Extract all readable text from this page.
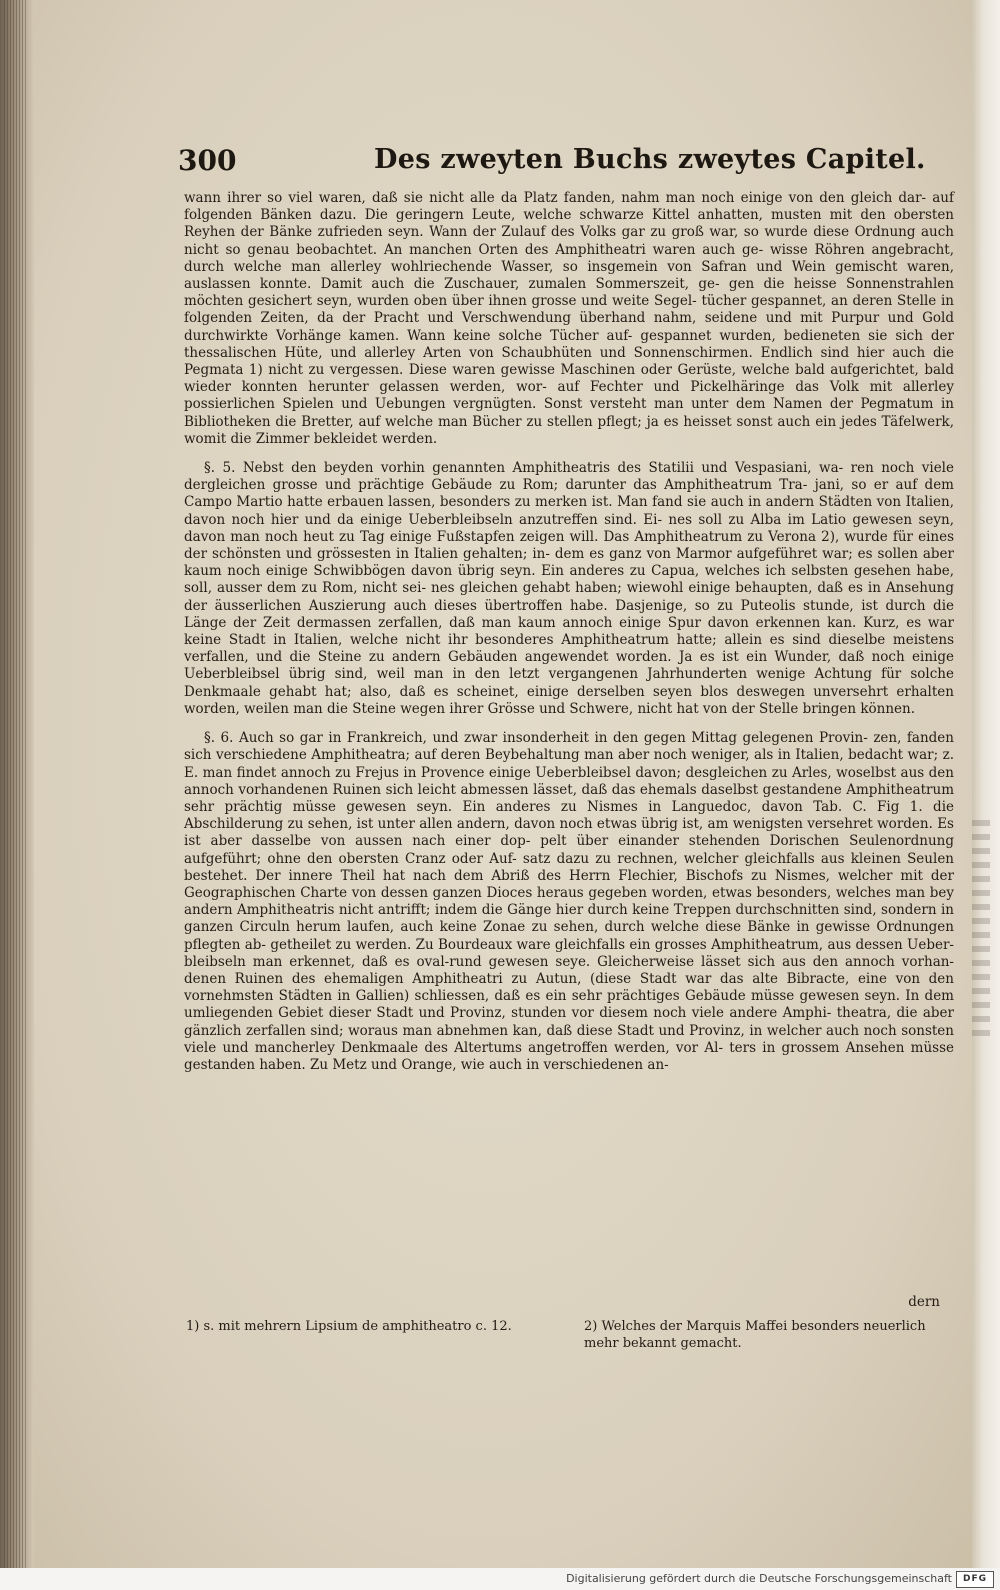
300	Des zweyten Buchs zweytes Capitel.

wann ihrer so viel waren, daß sie nicht alle da Platz fanden, nahm man noch einige von den gleich dar- auf folgenden Bänken dazu. Die geringern Leute, welche schwarze Kittel anhatten, musten mit den obersten Reyhen der Bänke zufrieden seyn. Wann der Zulauf des Volks gar zu groß war, so wurde diese Ordnung auch nicht so genau beobachtet. An manchen Orten des Amphitheatri waren auch ge- wisse Röhren angebracht, durch welche man allerley wohlriechende Wasser, so insgemein von Safran und Wein gemischt waren, auslassen konnte. Damit auch die Zuschauer, zumalen Sommerszeit, ge- gen die heisse Sonnenstrahlen möchten gesichert seyn, wurden oben über ihnen grosse und weite Segel- tücher gespannet, an deren Stelle in folgenden Zeiten, da der Pracht und Verschwendung überhand nahm, seidene und mit Purpur und Gold durchwirkte Vorhänge kamen. Wann keine solche Tücher auf- gespannet wurden, bedieneten sie sich der thessalischen Hüte, und allerley Arten von Schaubhüten und Sonnenschirmen. Endlich sind hier auch die Pegmata 1) nicht zu vergessen. Diese waren gewisse Maschinen oder Gerüste, welche bald aufgerichtet, bald wieder konnten herunter gelassen werden, wor- auf Fechter und Pickelhäringe das Volk mit allerley possierlichen Spielen und Uebungen vergnügten. Sonst versteht man unter dem Namen der Pegmatum in Bibliotheken die Bretter, auf welche man Bücher zu stellen pflegt; ja es heisset sonst auch ein jedes Täfelwerk, womit die Zimmer bekleidet werden.

§. 5. Nebst den beyden vorhin genannten Amphitheatris des Statilii und Vespasiani, wa- ren noch viele dergleichen grosse und prächtige Gebäude zu Rom; darunter das Amphitheatrum Tra- jani, so er auf dem Campo Martio hatte erbauen lassen, besonders zu merken ist. Man fand sie auch in andern Städten von Italien, davon noch hier und da einige Ueberbleibseln anzutreffen sind. Ei- nes soll zu Alba im Latio gewesen seyn, davon man noch heut zu Tag einige Fußstapfen zeigen will. Das Amphitheatrum zu Verona 2), wurde für eines der schönsten und grössesten in Italien gehalten; in- dem es ganz von Marmor aufgeführet war; es sollen aber kaum noch einige Schwibbögen davon übrig seyn. Ein anderes zu Capua, welches ich selbsten gesehen habe, soll, ausser dem zu Rom, nicht sei- nes gleichen gehabt haben; wiewohl einige behaupten, daß es in Ansehung der äusserlichen Auszierung auch dieses übertroffen habe. Dasjenige, so zu Puteolis stunde, ist durch die Länge der Zeit dermassen zerfallen, daß man kaum annoch einige Spur davon erkennen kan. Kurz, es war keine Stadt in Italien, welche nicht ihr besonderes Amphitheatrum hatte; allein es sind dieselbe meistens verfallen, und die Steine zu andern Gebäuden angewendet worden. Ja es ist ein Wunder, daß noch einige Ueberbleibsel übrig sind, weil man in den letzt vergangenen Jahrhunderten wenige Achtung für solche Denkmaale gehabt hat; also, daß es scheinet, einige derselben seyen blos deswegen unversehrt erhalten worden, weilen man die Steine wegen ihrer Grösse und Schwere, nicht hat von der Stelle bringen können.

§. 6. Auch so gar in Frankreich, und zwar insonderheit in den gegen Mittag gelegenen Provin- zen, fanden sich verschiedene Amphitheatra; auf deren Beybehaltung man aber noch weniger, als in Italien, bedacht war; z. E. man findet annoch zu Frejus in Provence einige Ueberbleibsel davon; desgleichen zu Arles, woselbst aus den annoch vorhandenen Ruinen sich leicht abmessen lässet, daß das ehemals daselbst gestandene Amphitheatrum sehr prächtig müsse gewesen seyn. Ein anderes zu Nismes in Languedoc, davon Tab. C. Fig 1. die Abschilderung zu sehen, ist unter allen andern, davon noch etwas übrig ist, am wenigsten versehret worden. Es ist aber dasselbe von aussen nach einer dop- pelt über einander stehenden Dorischen Seulenordnung aufgeführt; ohne den obersten Cranz oder Auf- satz dazu zu rechnen, welcher gleichfalls aus kleinen Seulen bestehet. Der innere Theil hat nach dem Abriß des Herrn Flechier, Bischofs zu Nismes, welcher mit der Geographischen Charte von dessen ganzen Dioces heraus gegeben worden, etwas besonders, welches man bey andern Amphitheatris nicht antrifft; indem die Gänge hier durch keine Treppen durchschnitten sind, sondern in ganzen Circuln herum laufen, auch keine Zonae zu sehen, durch welche diese Bänke in gewisse Ordnungen pflegten ab- getheilet zu werden. Zu Bourdeaux ware gleichfalls ein grosses Amphitheatrum, aus dessen Ueber- bleibseln man erkennet, daß es oval-rund gewesen seye. Gleicherweise lässet sich aus den annoch vorhan- denen Ruinen des ehemaligen Amphitheatri zu Autun, (diese Stadt war das alte Bibracte, eine von den vornehmsten Städten in Gallien) schliessen, daß es ein sehr prächtiges Gebäude müsse gewesen seyn. In dem umliegenden Gebiet dieser Stadt und Provinz, stunden vor diesem noch viele andere Amphi- theatra, die aber gänzlich zerfallen sind; woraus man abnehmen kan, daß diese Stadt und Provinz, in welcher auch noch sonsten viele und mancherley Denkmaale des Altertums angetroffen werden, vor Al- ters in grossem Ansehen müsse gestanden haben. Zu Metz und Orange, wie auch in verschiedenen an-

dern
1) s. mit mehrern Lipsium de amphitheatro c. 12.	2) Welches der Marquis Maffei besonders neuerlich mehr bekannt gemacht.
Digitalisierung gefördert durch die Deutsche Forschungsgemeinschaft	DFG
